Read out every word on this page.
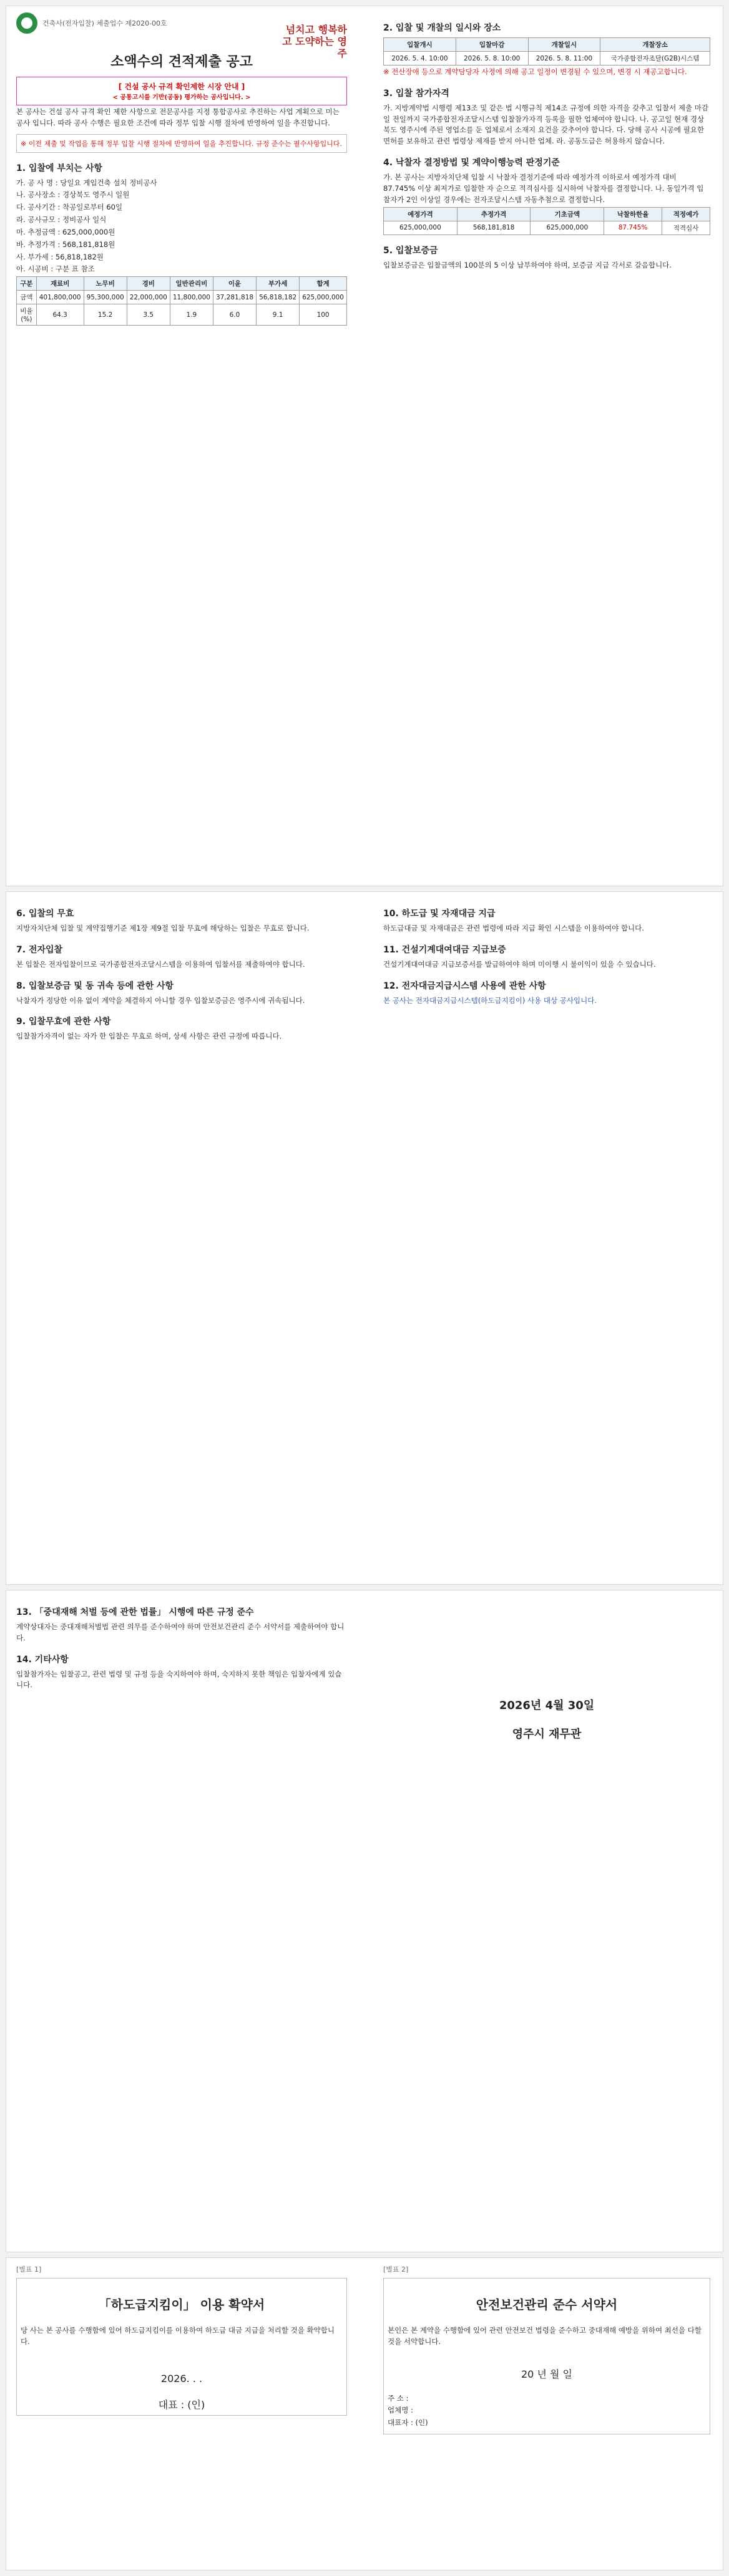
건축사(전자입찰) 체출업수 제2020-00호
넘치고 행복하고 도약하는 영주
소액수의 견적제출 공고
[ 건설 공사 규격 확인제한 시장 안내 ]
< 공통고시를 기반(공동) 평가하는 공사입니다. >

본 공사는 건설 공사 규격 확인 제한 사항으로 전문공사를 지정 통합공사로 추진하는 사업 계획으로 미는 공사 입니다. 따라 공사 수행은 필요한 조건에 따라 정부 입찰 시행 절차에 반영하여 일을 추진합니다.

※ 이전 제출 및 작업을 통해 정부 입찰 시행 절차에 반영하여 일을 추진합니다. 규정 준수는 필수사항입니다.
1. 입찰에 부치는 사항

가. 공 사 명 : 당일요 게입건축 설치 정비공사

나. 공사장소 : 경상북도 영주시 일원

다. 공사기간 : 착공일로부터 60일

라. 공사규모 : 정비공사 일식

마. 추정금액 : 625,000,000원

바. 추정가격 : 568,181,818원

사. 부가세 : 56,818,182원

아. 시공비 : 구분 표 참조

구분	재료비	노무비	경비	일반관리비	이윤	부가세	합계
금액	401,800,000	95,300,000	22,000,000	11,800,000	37,281,818	56,818,182	625,000,000
비율(%)	64.3	15.2	3.5	1.9	6.0	9.1	100
2. 입찰 및 개찰의 일시와 장소
입찰개시	입찰마감	개찰일시	개찰장소
2026. 5. 4. 10:00	2026. 5. 8. 10:00	2026. 5. 8. 11:00	국가종합전자조달(G2B)시스템

※ 전산장애 등으로 계약담당자 사정에 의해 공고 일정이 변경될 수 있으며, 변경 시 재공고합니다.

3. 입찰 참가자격

가. 지방계약법 시행령 제13조 및 같은 법 시행규칙 제14조 규정에 의한 자격을 갖추고 입찰서 제출 마감일 전일까지 국가종합전자조달시스템 입찰참가자격 등록을 필한 업체여야 합니다. 나. 공고일 현재 경상북도 영주시에 주된 영업소를 둔 업체로서 소재지 요건을 갖추어야 합니다. 다. 당해 공사 시공에 필요한 면허를 보유하고 관련 법령상 제재를 받지 아니한 업체. 라. 공동도급은 허용하지 않습니다.

4. 낙찰자 결정방법 및 계약이행능력 판정기준

가. 본 공사는 지방자치단체 입찰 시 낙찰자 결정기준에 따라 예정가격 이하로서 예정가격 대비 87.745% 이상 최저가로 입찰한 자 순으로 적격심사를 실시하여 낙찰자를 결정합니다. 나. 동일가격 입찰자가 2인 이상일 경우에는 전자조달시스템 자동추첨으로 결정합니다.

예정가격	추정가격	기초금액	낙찰하한율	적정예가
625,000,000	568,181,818	625,000,000	87.745%	적격심사
5. 입찰보증금

입찰보증금은 입찰금액의 100분의 5 이상 납부하여야 하며, 보증금 지급 각서로 갈음합니다.

6. 입찰의 무효

지방자치단체 입찰 및 계약집행기준 제1장 제9절 입찰 무효에 해당하는 입찰은 무효로 합니다.

7. 전자입찰

본 입찰은 전자입찰이므로 국가종합전자조달시스템을 이용하여 입찰서를 제출하여야 합니다.

8. 입찰보증금 및 동 귀속 등에 관한 사항

낙찰자가 정당한 이유 없이 계약을 체결하지 아니할 경우 입찰보증금은 영주시에 귀속됩니다.

9. 입찰무효에 관한 사항

입찰참가자격이 없는 자가 한 입찰은 무효로 하며, 상세 사항은 관련 규정에 따릅니다.

10. 하도급 및 자재대금 지급

하도급대금 및 자재대금은 관련 법령에 따라 지급 확인 시스템을 이용하여야 합니다.

11. 건설기계대여대금 지급보증

건설기계대여대금 지급보증서를 발급하여야 하며 미이행 시 불이익이 있을 수 있습니다.

12. 전자대금지급시스템 사용에 관한 사항

본 공사는 전자대금지급시스템(하도급지킴이) 사용 대상 공사입니다.

13. 「중대재해 처벌 등에 관한 법률」 시행에 따른 규정 준수

계약상대자는 중대재해처벌법 관련 의무를 준수하여야 하며 안전보건관리 준수 서약서를 제출하여야 합니다.

14. 기타사항

입찰참가자는 입찰공고, 관련 법령 및 규정 등을 숙지하여야 하며, 숙지하지 못한 책임은 입찰자에게 있습니다.

2026년 4월 30일
영주시 재무관
[별표 1]
「하도급지킴이」 이용 확약서

당 사는 본 공사를 수행함에 있어 하도급지킴이를 이용하여 하도급 대금 지급을 처리할 것을 확약합니다.

2026. . .
대표 : (인)
[별표 2]
안전보건관리 준수 서약서

본인은 본 계약을 수행함에 있어 관련 안전보건 법령을 준수하고 중대재해 예방을 위하여 최선을 다할 것을 서약합니다.

20 년 월 일

주 소 :

업체명 :

대표자 : (인)
